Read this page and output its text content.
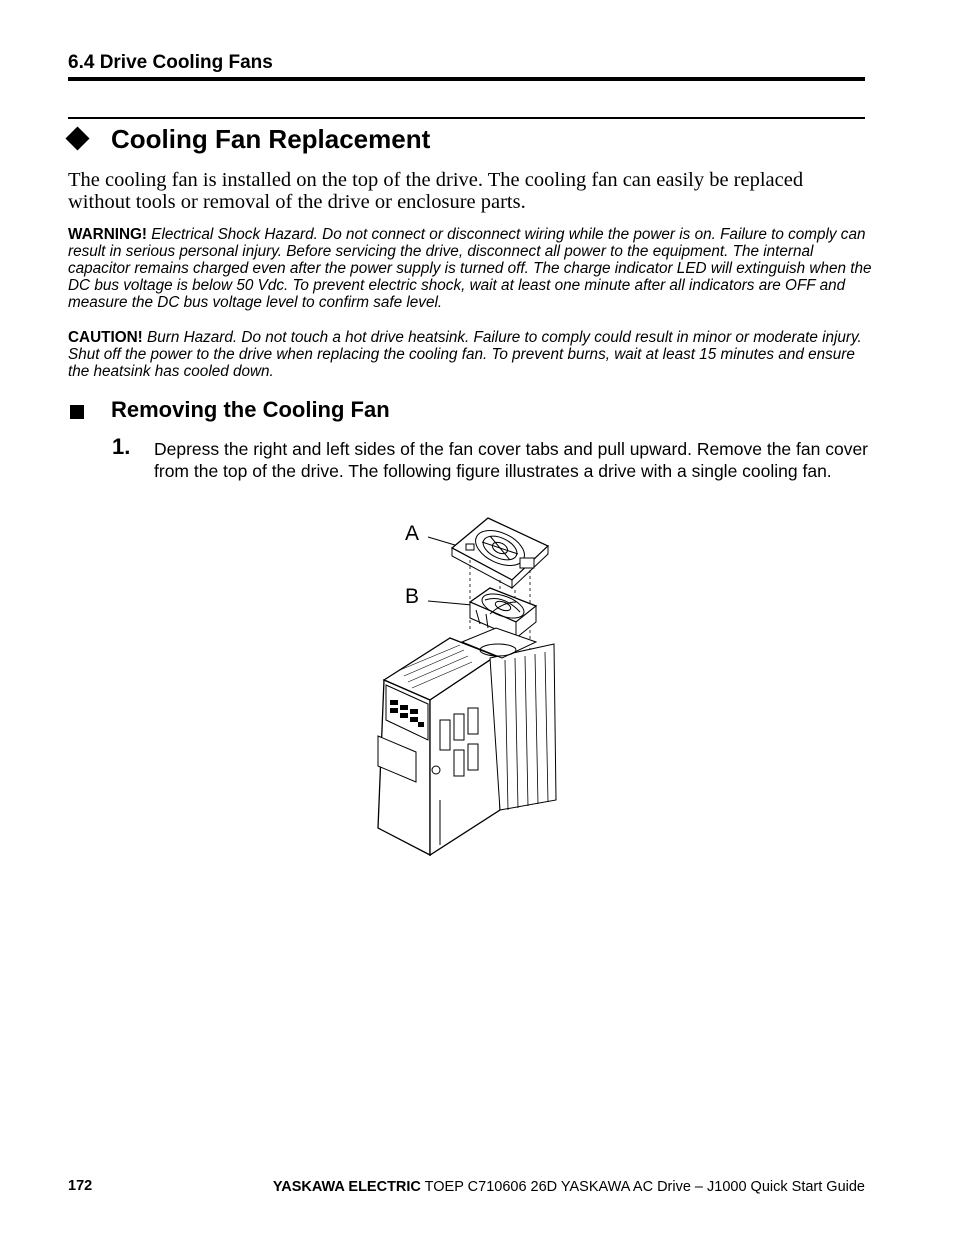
6.4 Drive Cooling Fans
Cooling Fan Replacement
The cooling fan is installed on the top of the drive. The cooling fan can easily be replaced without tools or removal of the drive or enclosure parts.
WARNING! Electrical Shock Hazard. Do not connect or disconnect wiring while the power is on. Failure to comply can result in serious personal injury. Before servicing the drive, disconnect all power to the equipment. The internal capacitor remains charged even after the power supply is turned off. The charge indicator LED will extinguish when the DC bus voltage is below 50 Vdc. To prevent electric shock, wait at least one minute after all indicators are OFF and measure the DC bus voltage level to confirm safe level.
CAUTION! Burn Hazard. Do not touch a hot drive heatsink. Failure to comply could result in minor or moderate injury. Shut off the power to the drive when replacing the cooling fan. To prevent burns, wait at least 15 minutes and ensure the heatsink has cooled down.
Removing the Cooling Fan
1. Depress the right and left sides of the fan cover tabs and pull upward. Remove the fan cover from the top of the drive. The following figure illustrates a drive with a single cooling fan.
A
B
172	YASKAWA ELECTRIC TOEP C710606 26D YASKAWA AC Drive – J1000 Quick Start Guide
